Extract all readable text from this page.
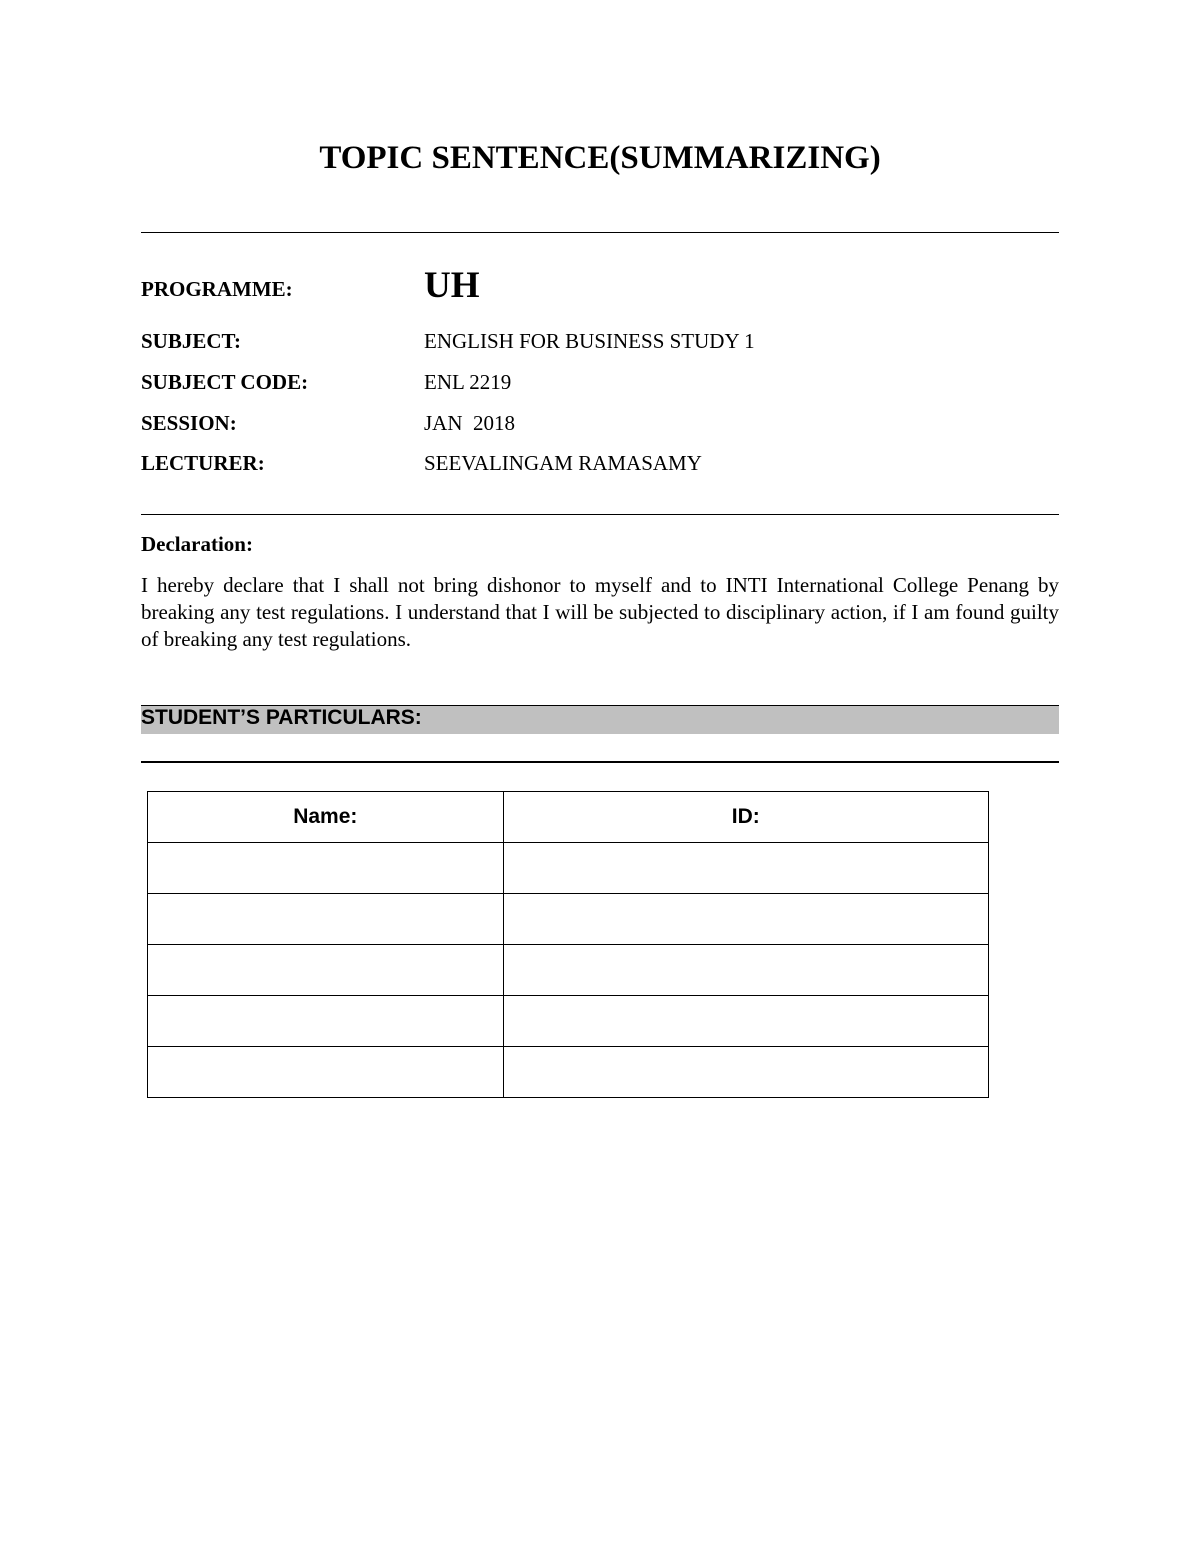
TOPIC SENTENCE(SUMMARIZING)
PROGRAMME:	UH
SUBJECT:	ENGLISH FOR BUSINESS STUDY 1
SUBJECT CODE:	ENL 2219
SESSION:	JAN  2018
LECTURER:	SEEVALINGAM RAMASAMY
Declaration:
I hereby declare that I shall not bring dishonor to myself and to INTI International College Penang by breaking any test regulations. I understand that I will be subjected to disciplinary action, if I am found guilty of breaking any test regulations.
STUDENT’S PARTICULARS:
Name:	ID:
